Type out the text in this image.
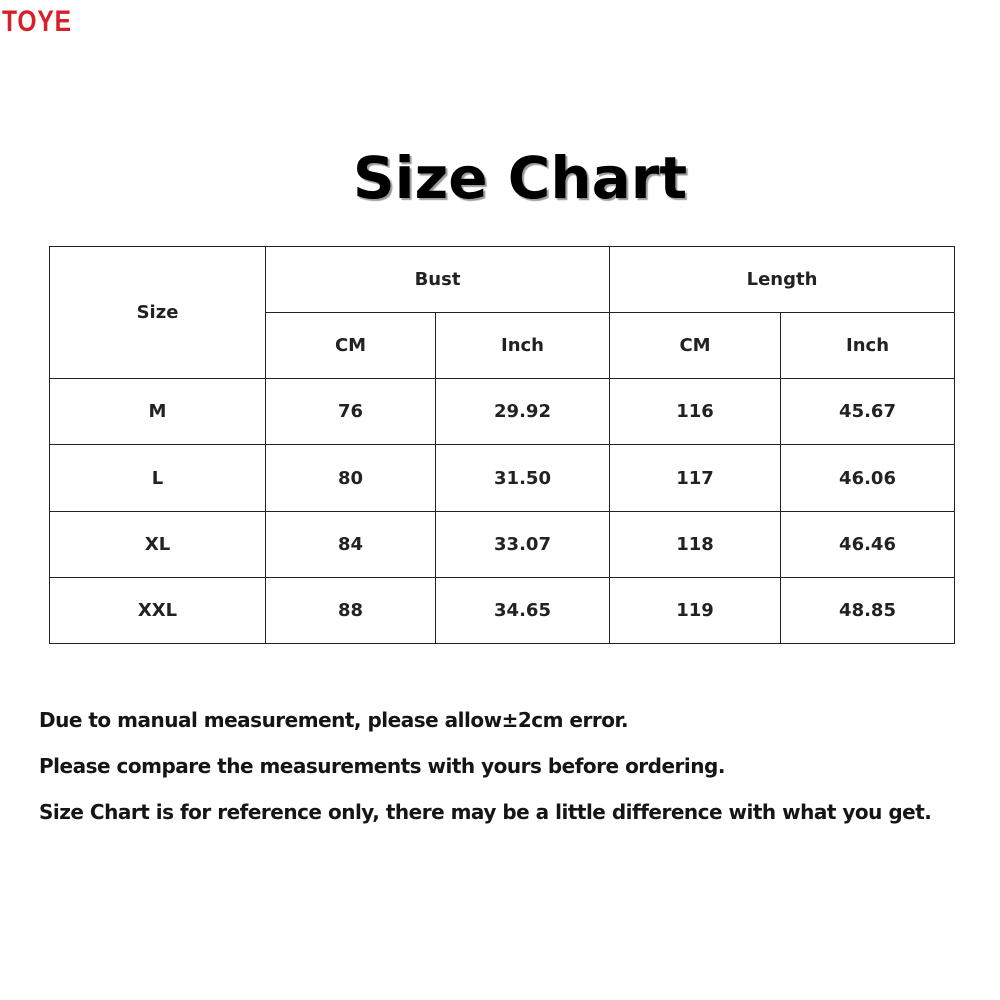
TOYE
Size Chart
Size	Bust		Length	
	CM	Inch	CM	Inch
M	76	29.92	116	45.67
L	80	31.50	117	46.06
XL	84	33.07	118	46.46
XXL	88	34.65	119	48.85
Due to manual measurement, please allow±2cm error.
Please compare the measurements with yours before ordering.
Size Chart is for reference only, there may be a little difference with what you get.
